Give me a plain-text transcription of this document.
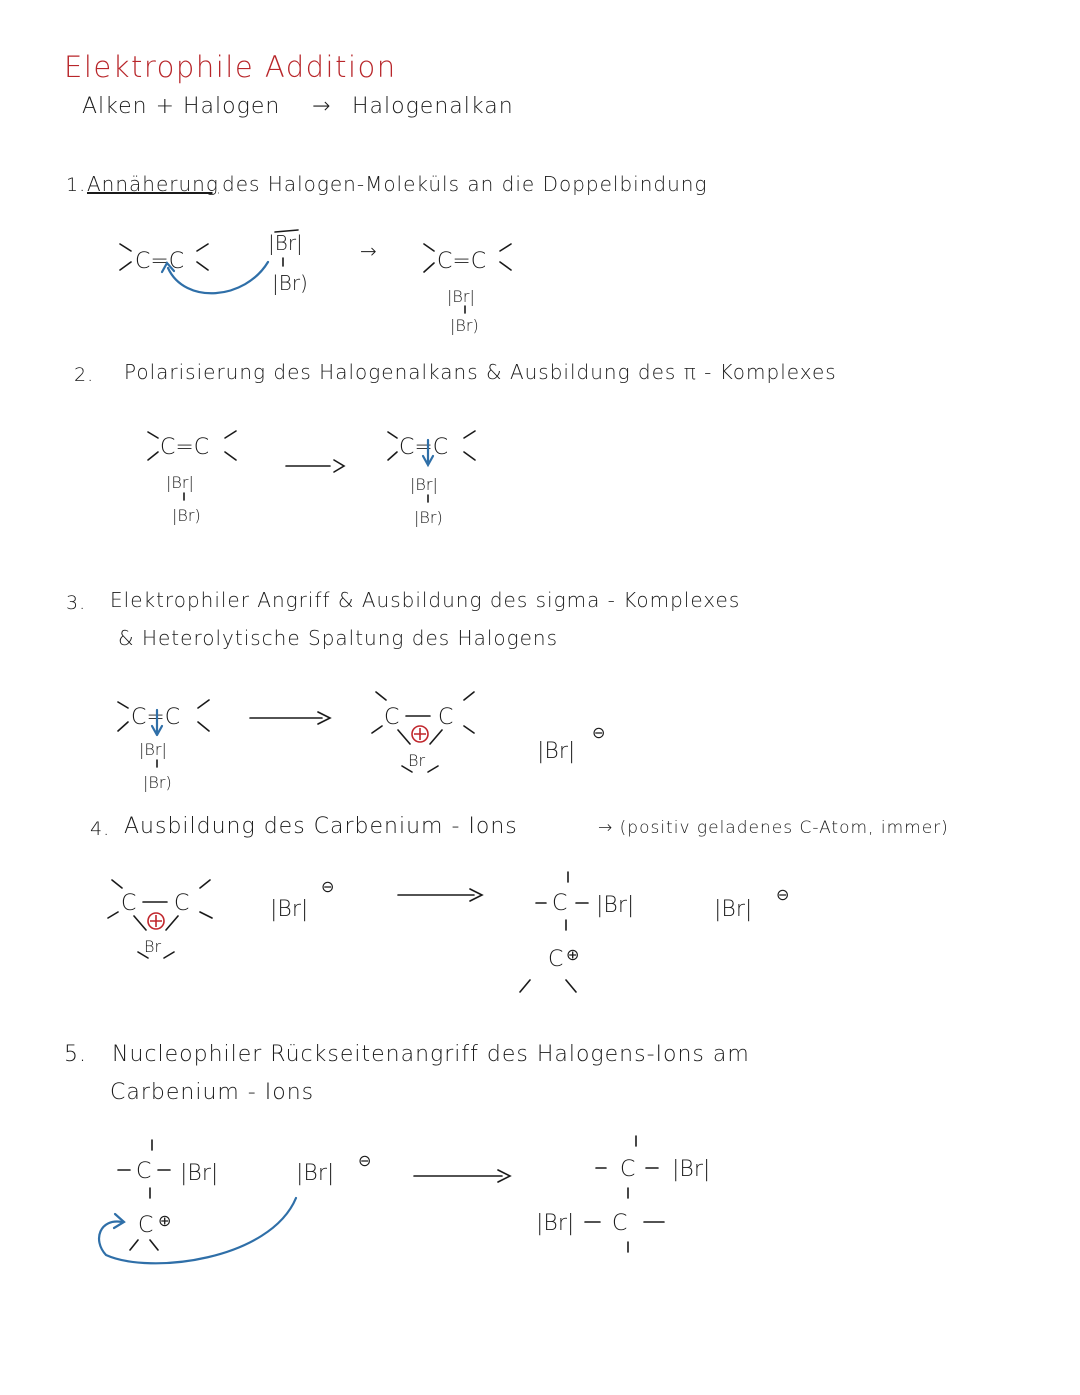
Elektrophile Addition
Alken + Halogen → Halogenalkan
1. Annäherung des Halogen-Moleküls an die Doppelbindung
2. Polarisierung des Halogenalkans & Ausbildung des π - Komplexes
3. Elektrophiler Angriff & Ausbildung des sigma - Komplexes
& Heterolytische Spaltung des Halogens
4. Ausbildung des Carbenium - Ions	→ (positiv geladenes C-Atom, immer)
5. Nucleophiler Rückseitenangriff des Halogens-Ions am
Carbenium - Ions
C=C
|Br|
|Br)
→	C=C
|Br|
|Br)
C=C
|Br|
|Br)
C=C
|Br|
|Br)
C=C
|Br|
|Br)
C C
Br	|Br|
⊖
C C
Br
|Br|
⊖
C |Br|
C ⊕
|Br|
⊖
C |Br|
C ⊕
|Br|
⊖	C |Br|
|Br| C
